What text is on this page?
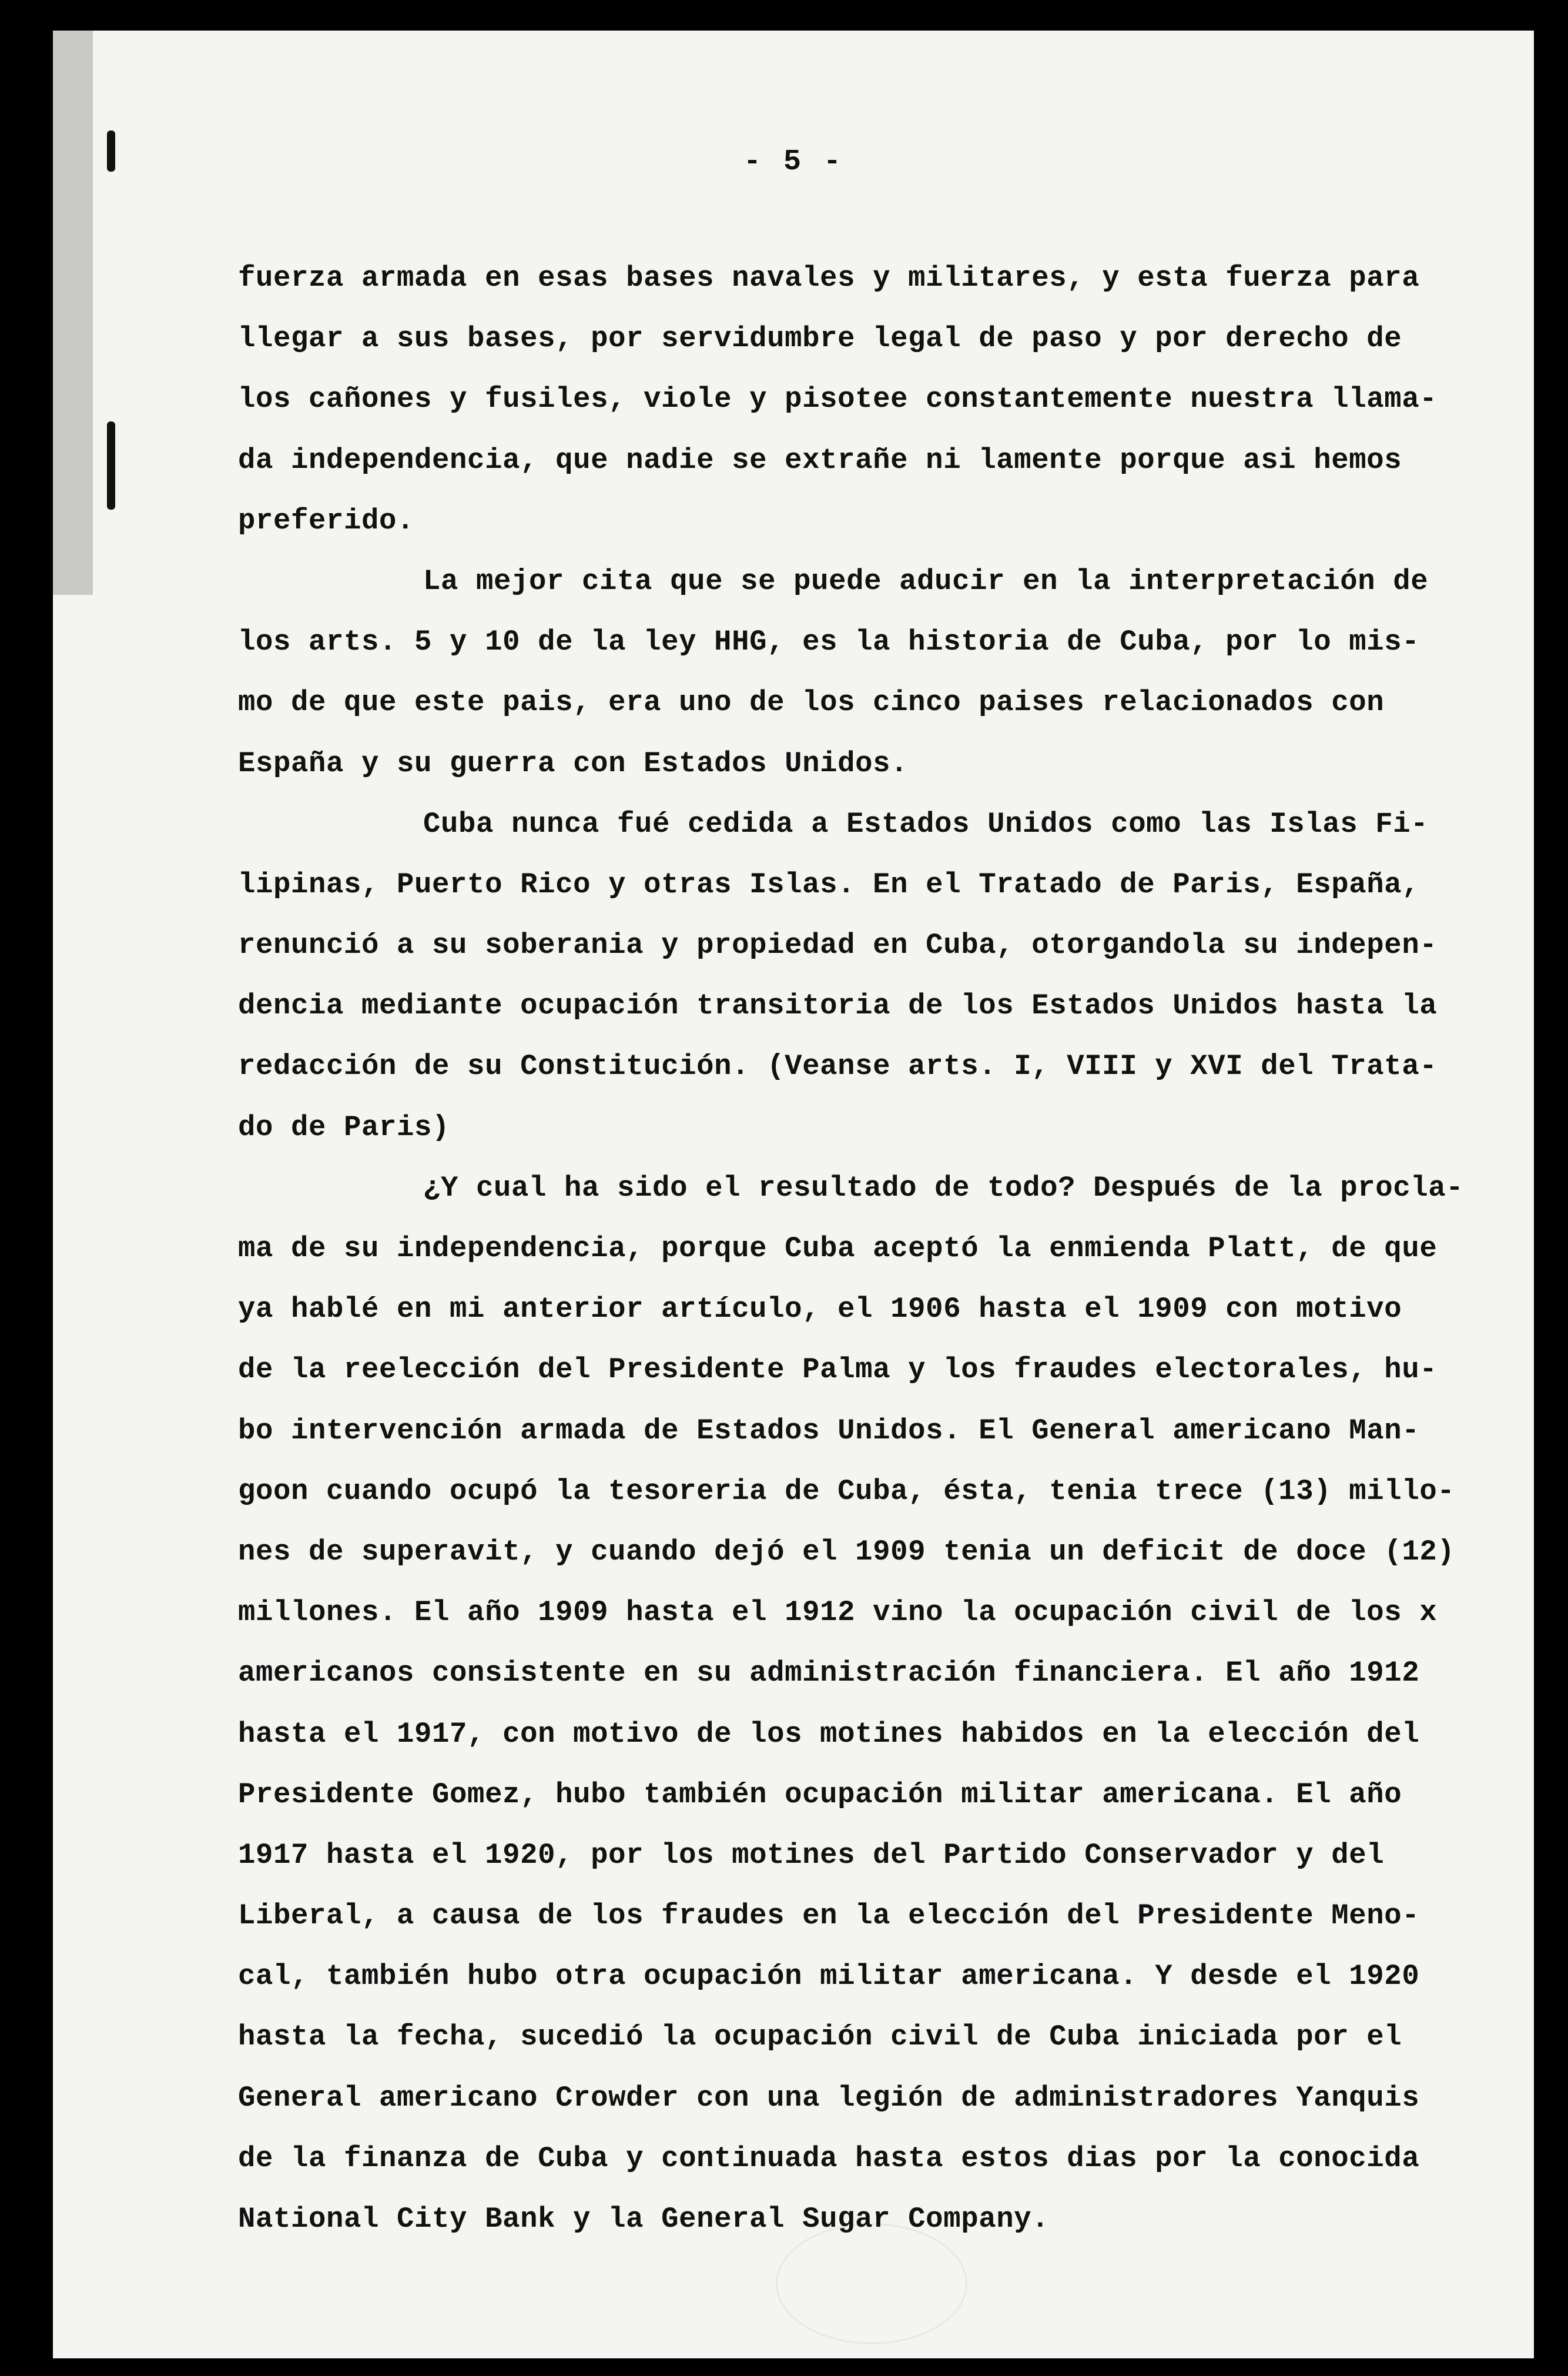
- 5 -
fuerza armada en esas bases navales y militares, y esta fuerza para
llegar a sus bases, por servidumbre legal de paso y por derecho de
los cañones y fusiles, viole y pisotee constantemente nuestra llama-
da independencia, que nadie se extrañe ni lamente porque asi hemos
preferido.
La mejor cita que se puede aducir en la interpretación de
los arts. 5 y 10 de la ley HHG, es la historia de Cuba, por lo mis-
mo de que este pais, era uno de los cinco paises relacionados con
España y su guerra con Estados Unidos.
Cuba nunca fué cedida a Estados Unidos como las Islas Fi-
lipinas, Puerto Rico y otras Islas. En el Tratado de Paris, España,
renunció a su soberania y propiedad en Cuba, otorgandola su indepen-
dencia mediante ocupación transitoria de los Estados Unidos hasta la
redacción de su Constitución. (Veanse arts. I, VIII y XVI del Trata-
do de Paris)
¿Y cual ha sido el resultado de todo? Después de la procla-
ma de su independencia, porque Cuba aceptó la enmienda Platt, de que
ya hablé en mi anterior artículo, el 1906 hasta el 1909 con motivo
de la reelección del Presidente Palma y los fraudes electorales, hu-
bo intervención armada de Estados Unidos. El General americano Man-
goon cuando ocupó la tesoreria de Cuba, ésta, tenia trece (13) millo-
nes de superavit, y cuando dejó el 1909 tenia un deficit de doce (12)
millones. El año 1909 hasta el 1912 vino la ocupación civil de los x
americanos consistente en su administración financiera. El año 1912
hasta el 1917, con motivo de los motines habidos en la elección del
Presidente Gomez, hubo también ocupación militar americana. El año
1917 hasta el 1920, por los motines del Partido Conservador y del
Liberal, a causa de los fraudes en la elección del Presidente Meno-
cal, también hubo otra ocupación militar americana. Y desde el 1920
hasta la fecha, sucedió la ocupación civil de Cuba iniciada por el
General americano Crowder con una legión de administradores Yanquis
de la finanza de Cuba y continuada hasta estos dias por la conocida
National City Bank y la General Sugar Company.
